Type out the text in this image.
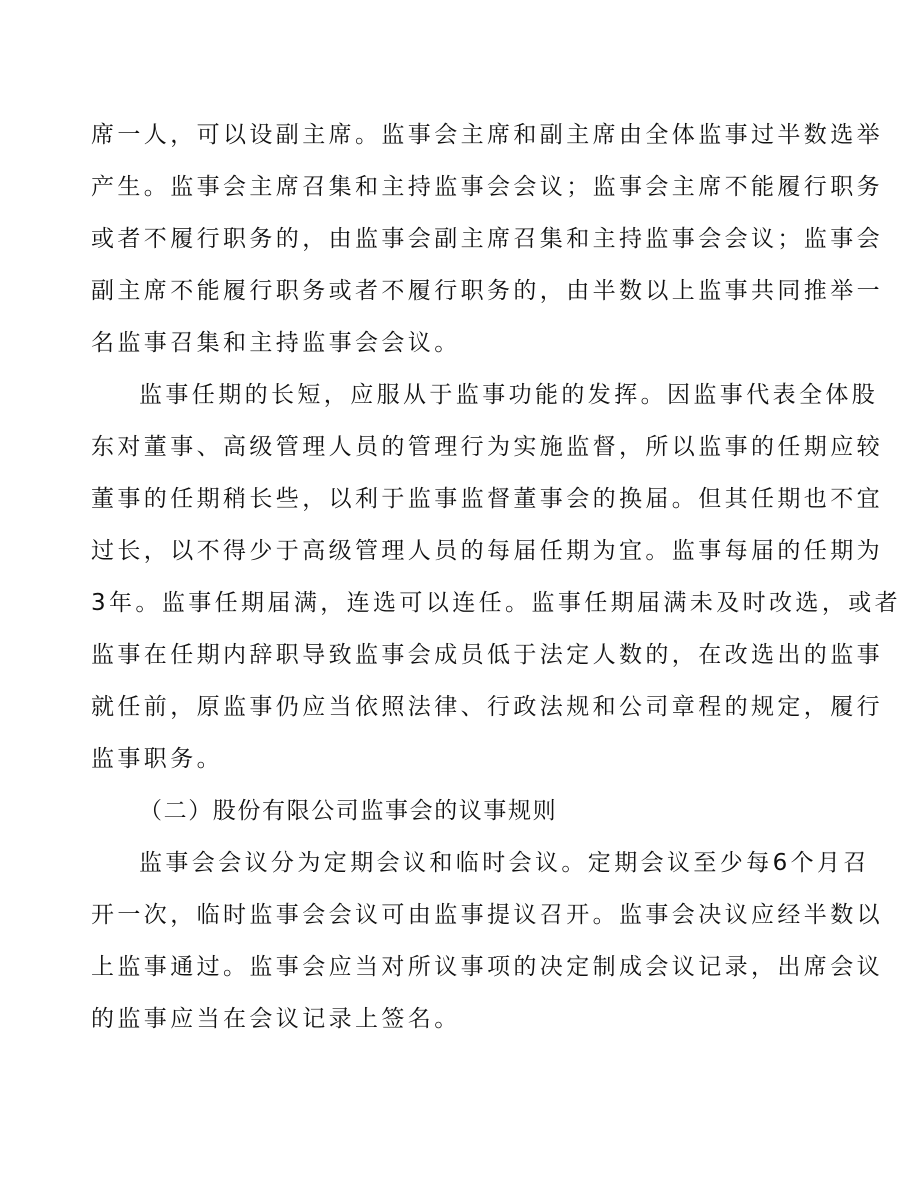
席一人，可以设副主席。监事会主席和副主席由全体监事过半数选举
产生。监事会主席召集和主持监事会会议；监事会主席不能履行职务
或者不履行职务的，由监事会副主席召集和主持监事会会议；监事会
副主席不能履行职务或者不履行职务的，由半数以上监事共同推举一
名监事召集和主持监事会会议。
监事任期的长短，应服从于监事功能的发挥。因监事代表全体股
东对董事、高级管理人员的管理行为实施监督，所以监事的任期应较
董事的任期稍长些，以利于监事监督董事会的换届。但其任期也不宜
过长，以不得少于高级管理人员的每届任期为宜。监事每届的任期为
3年。监事任期届满，连选可以连任。监事任期届满未及时改选，或者
监事在任期内辞职导致监事会成员低于法定人数的，在改选出的监事
就任前，原监事仍应当依照法律、行政法规和公司章程的规定，履行
监事职务。
（二）股份有限公司监事会的议事规则
监事会会议分为定期会议和临时会议。定期会议至少每6个月召
开一次，临时监事会会议可由监事提议召开。监事会决议应经半数以
上监事通过。监事会应当对所议事项的决定制成会议记录，出席会议
的监事应当在会议记录上签名。
